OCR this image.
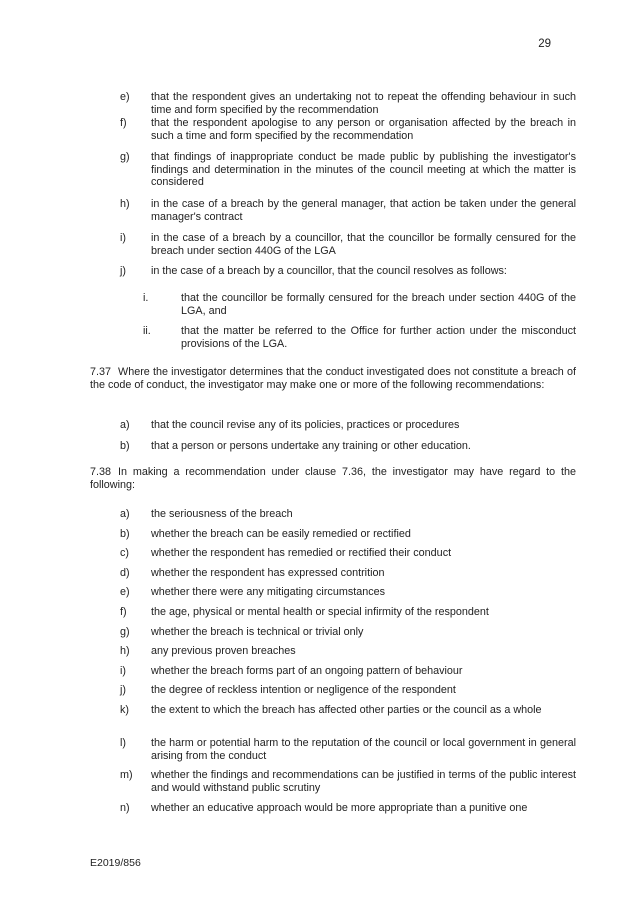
29
e) that the respondent gives an undertaking not to repeat the offending behaviour in such time and form specified by the recommendation
f) that the respondent apologise to any person or organisation affected by the breach in such a time and form specified by the recommendation
g) that findings of inappropriate conduct be made public by publishing the investigator's findings and determination in the minutes of the council meeting at which the matter is considered
h) in the case of a breach by the general manager, that action be taken under the general manager's contract
i) in the case of a breach by a councillor, that the councillor be formally censured for the breach under section 440G of the LGA
j) in the case of a breach by a councillor, that the council resolves as follows:
i.	that the councillor be formally censured for the breach under section 440G of the LGA, and
ii.	that the matter be referred to the Office for further action under the misconduct provisions of the LGA.
7.37 Where the investigator determines that the conduct investigated does not constitute a breach of the code of conduct, the investigator may make one or more of the following recommendations:
a) that the council revise any of its policies, practices or procedures
b) that a person or persons undertake any training or other education.
7.38 In making a recommendation under clause 7.36, the investigator may have regard to the following:
a) the seriousness of the breach
b) whether the breach can be easily remedied or rectified
c) whether the respondent has remedied or rectified their conduct
d) whether the respondent has expressed contrition
e) whether there were any mitigating circumstances
f) the age, physical or mental health or special infirmity of the respondent
g) whether the breach is technical or trivial only
h) any previous proven breaches
i) whether the breach forms part of an ongoing pattern of behaviour
j) the degree of reckless intention or negligence of the respondent
k) the extent to which the breach has affected other parties or the council as a whole
l) the harm or potential harm to the reputation of the council or local government in general arising from the conduct
m) whether the findings and recommendations can be justified in terms of the public interest and would withstand public scrutiny
n) whether an educative approach would be more appropriate than a punitive one
E2019/856
